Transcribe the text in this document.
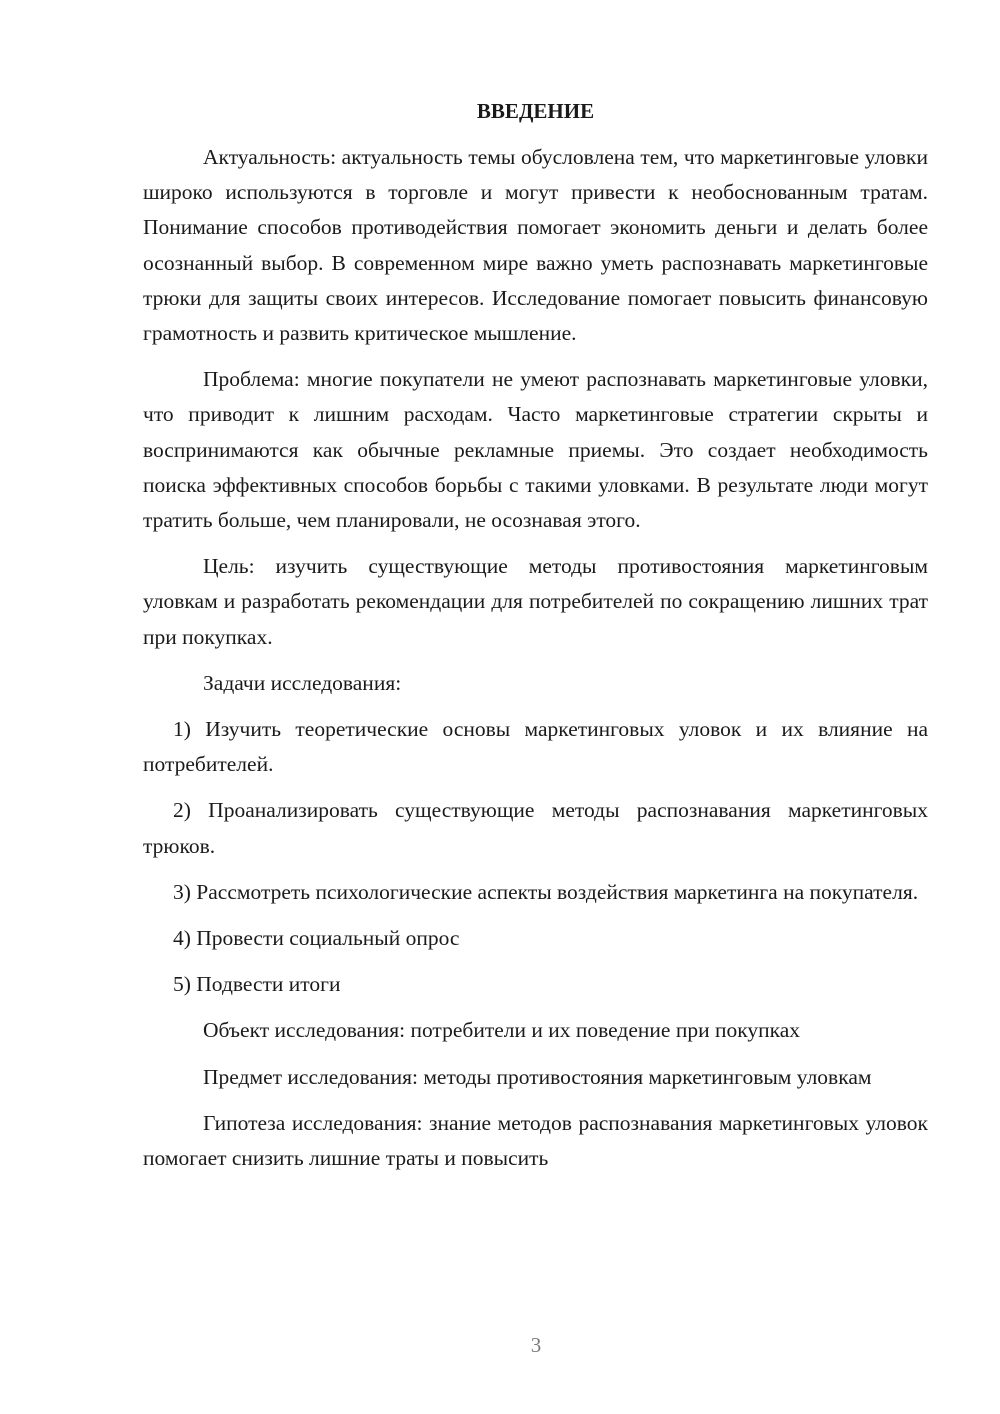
ВВЕДЕНИЕ

Актуальность: актуальность темы обусловлена тем, что маркетинговые уловки широко используются в торговле и могут привести к необоснованным тратам. Понимание способов противодействия помогает экономить деньги и делать более осознанный выбор. В современном мире важно уметь распознавать маркетинговые трюки для защиты своих интересов. Исследование помогает повысить финансовую грамотность и развить критическое мышление.

Проблема: многие покупатели не умеют распознавать маркетинговые уловки, что приводит к лишним расходам. Часто маркетинговые стратегии скрыты и воспринимаются как обычные рекламные приемы. Это создает необходимость поиска эффективных способов борьбы с такими уловками. В результате люди могут тратить больше, чем планировали, не осознавая этого.

Цель: изучить существующие методы противостояния маркетинговым уловкам и разработать рекомендации для потребителей по сокращению лишних трат при покупках.

Задачи исследования:

1) Изучить теоретические основы маркетинговых уловок и их влияние на потребителей.

2) Проанализировать существующие методы распознавания маркетинговых трюков.

3) Рассмотреть психологические аспекты воздействия маркетинга на покупателя.

4) Провести социальный опрос

5) Подвести итоги

Объект исследования: потребители и их поведение при покупках

Предмет исследования: методы противостояния маркетинговым уловкам

Гипотеза исследования: знание методов распознавания маркетинговых уловок помогает снизить лишние траты и повысить

3
